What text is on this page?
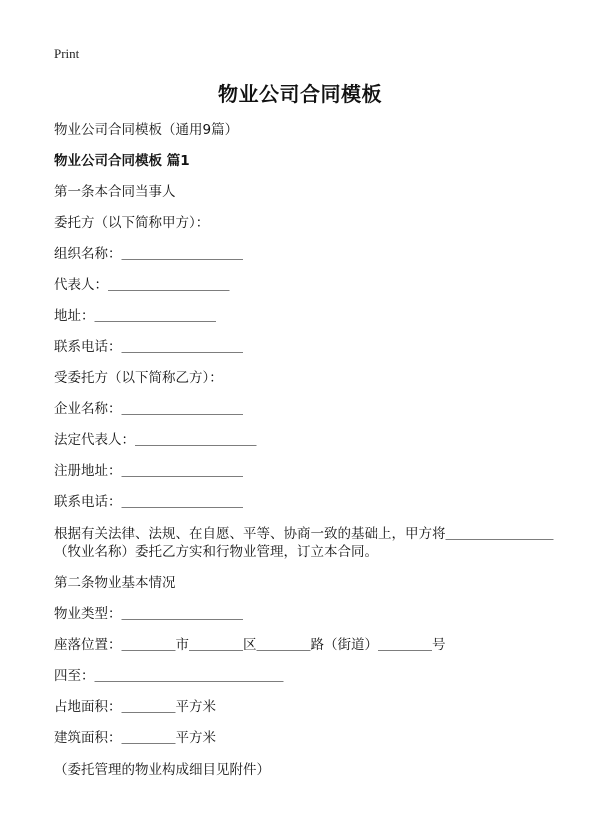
Print
物业公司合同模板
物业公司合同模板（通用9篇）
物业公司合同模板 篇1
第一条本合同当事人
委托方（以下简称甲方）：
组织名称：＿＿＿＿＿＿＿＿＿
代表人：＿＿＿＿＿＿＿＿＿
地址：＿＿＿＿＿＿＿＿＿
联系电话：＿＿＿＿＿＿＿＿＿
受委托方（以下简称乙方）：
企业名称：＿＿＿＿＿＿＿＿＿
法定代表人：＿＿＿＿＿＿＿＿＿
注册地址：＿＿＿＿＿＿＿＿＿
联系电话：＿＿＿＿＿＿＿＿＿
根据有关法律、法规、在自愿、平等、协商一致的基础上，甲方将＿＿＿＿＿＿＿＿
（牧业名称）委托乙方实和行物业管理，订立本合同。
第二条物业基本情况
物业类型：＿＿＿＿＿＿＿＿＿
座落位置：＿＿＿＿市＿＿＿＿区＿＿＿＿路（街道）＿＿＿＿号
四至：＿＿＿＿＿＿＿＿＿＿＿＿＿＿
占地面积：＿＿＿＿平方米
建筑面积：＿＿＿＿平方米
（委托管理的物业构成细目见附件）
